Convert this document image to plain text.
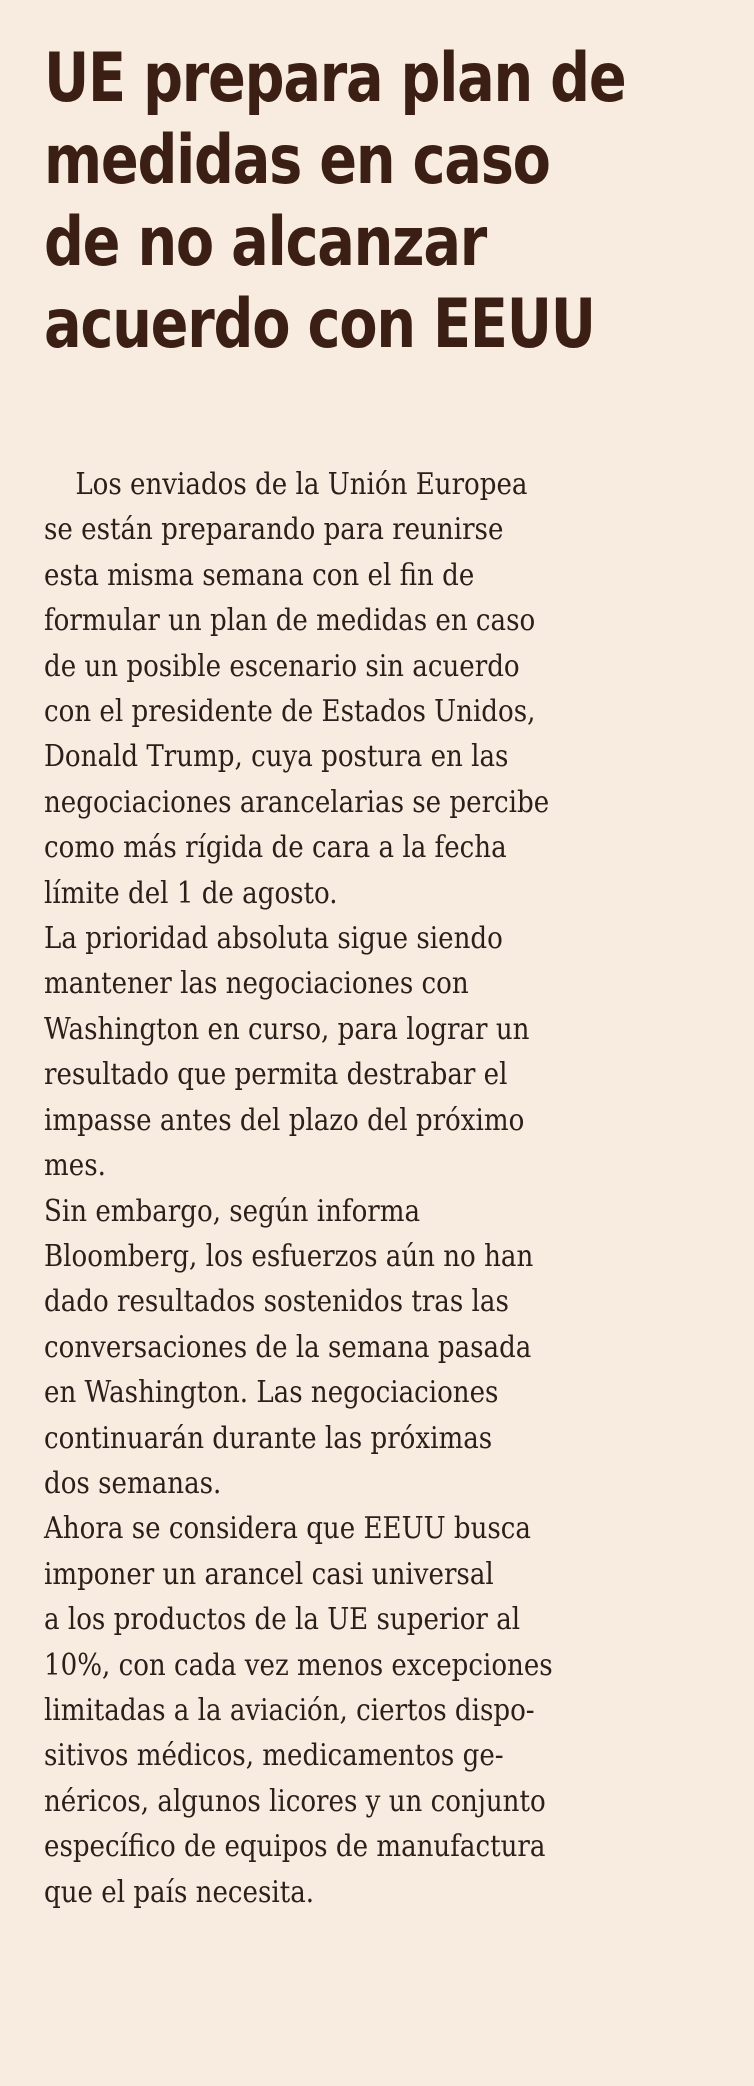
UE prepara plan de
medidas en caso
de no alcanzar
acuerdo con EEUU

Los enviados de la Unión Europea
se están preparando para reunirse
esta misma semana con el fin de
formular un plan de medidas en caso
de un posible escenario sin acuerdo
con el presidente de Estados Unidos,
Donald Trump, cuya postura en las
negociaciones arancelarias se percibe
como más rígida de cara a la fecha
límite del 1 de agosto.

La prioridad absoluta sigue siendo
mantener las negociaciones con
Washington en curso, para lograr un
resultado que permita destrabar el
impasse antes del plazo del próximo
mes.

Sin embargo, según informa
Bloomberg, los esfuerzos aún no han
dado resultados sostenidos tras las
conversaciones de la semana pasada
en Washington. Las negociaciones
continuarán durante las próximas
dos semanas.

Ahora se considera que EEUU busca
imponer un arancel casi universal
a los productos de la UE superior al
10%, con cada vez menos excepciones
limitadas a la aviación, ciertos dispo-
sitivos médicos, medicamentos ge-
néricos, algunos licores y un conjunto
específico de equipos de manufactura
que el país necesita.
